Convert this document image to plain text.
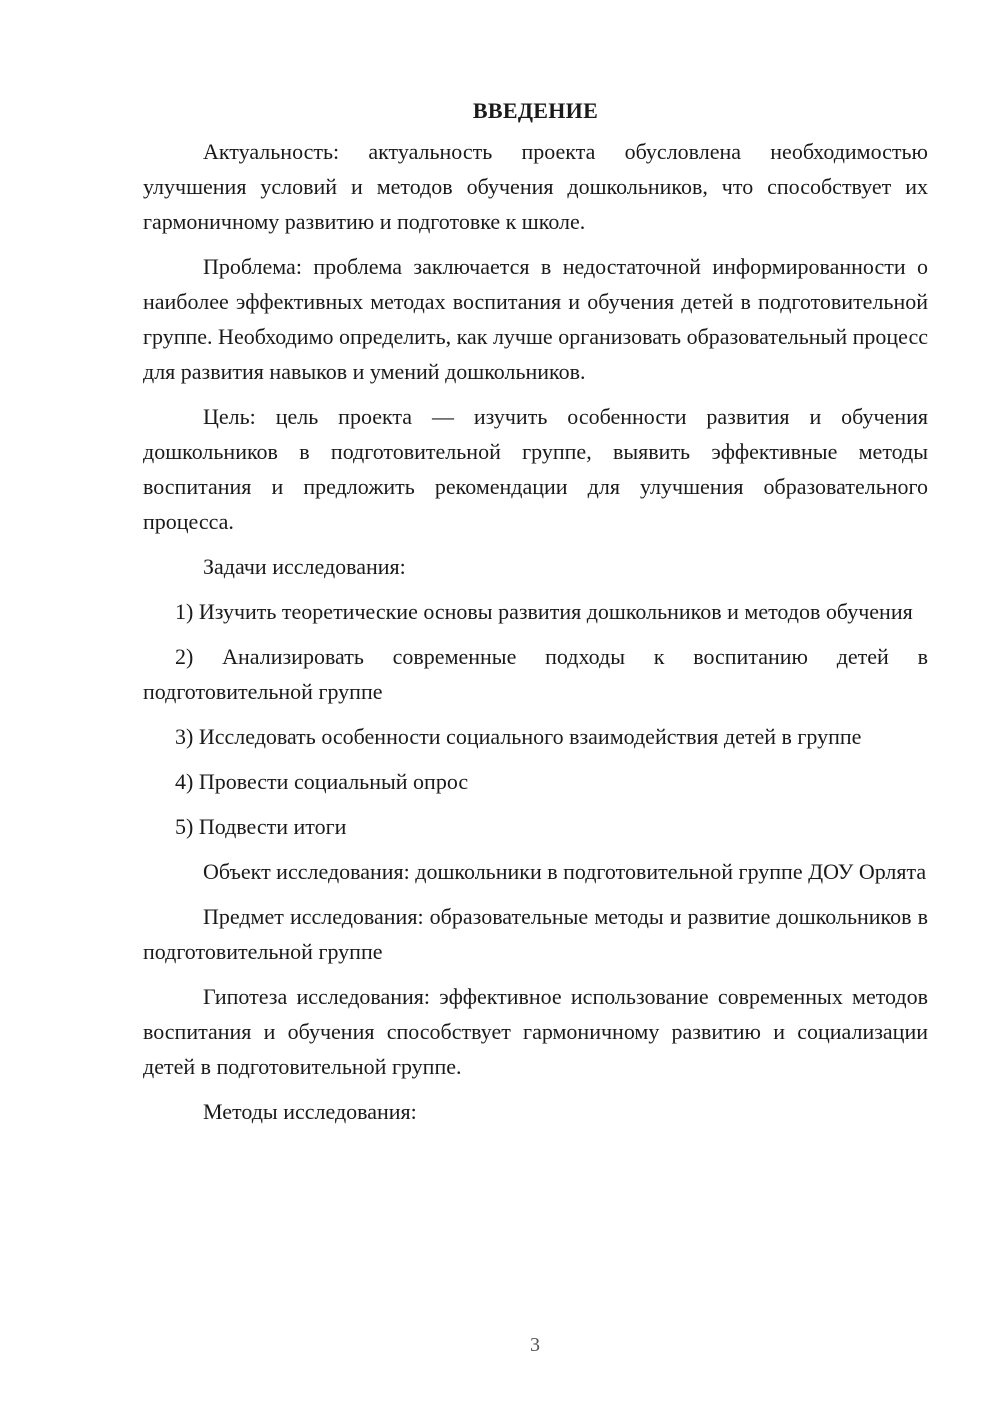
ВВЕДЕНИЕ

Актуальность: актуальность проекта обусловлена необходимостью улучшения условий и методов обучения дошкольников, что способствует их гармоничному развитию и подготовке к школе.

Проблема: проблема заключается в недостаточной информированности о наиболее эффективных методах воспитания и обучения детей в подготовительной группе. Необходимо определить, как лучше организовать образовательный процесс для развития навыков и умений дошкольников.

Цель: цель проекта — изучить особенности развития и обучения дошкольников в подготовительной группе, выявить эффективные методы воспитания и предложить рекомендации для улучшения образовательного процесса.

Задачи исследования:

1) Изучить теоретические основы развития дошкольников и методов обучения

2) Анализировать современные подходы к воспитанию детей в подготовительной группе

3) Исследовать особенности социального взаимодействия детей в группе

4) Провести социальный опрос

5) Подвести итоги

Объект исследования: дошкольники в подготовительной группе ДОУ Орлята

Предмет исследования: образовательные методы и развитие дошкольников в подготовительной группе

Гипотеза исследования: эффективное использование современных методов воспитания и обучения способствует гармоничному развитию и социализации детей в подготовительной группе.

Методы исследования:

3
